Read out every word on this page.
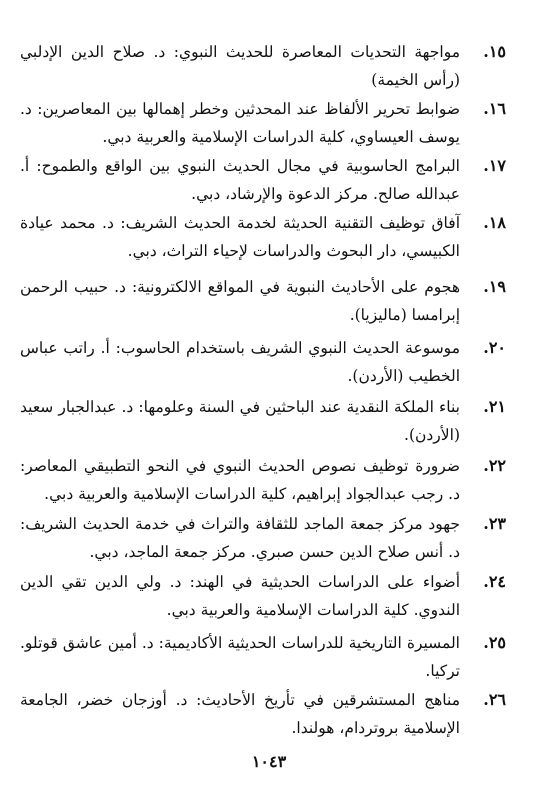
١٥.
مواجهة التحديات المعاصرة للحديث النبوي: د. صلاح الدين الإدلبي (رأس الخيمة)
١٦.
ضوابط تحرير الألفاظ عند المحدثين وخطر إهمالها بين المعاصرين: د. يوسف العيساوي، كلية الدراسات الإسلامية والعربية دبي.
١٧.
البرامج الحاسوبية في مجال الحديث النبوي بين الواقع والطموح: أ. عبدالله صالح. مركز الدعوة والإرشاد، دبي.
١٨.
آفاق توظيف التقنية الحديثة لخدمة الحديث الشريف: د. محمد عيادة الكبيسي، دار البحوث والدراسات لإحياء التراث، دبي.
١٩.
هجوم على الأحاديث النبوية في المواقع الالكترونية: د. حبيب الرحمن إبرامسا (ماليزيا).
٢٠.
موسوعة الحديث النبوي الشريف باستخدام الحاسوب: أ. راتب عباس الخطيب (الأردن).
٢١.
بناء الملكة النقدية عند الباحثين في السنة وعلومها: د. عبدالجبار سعيد (الأردن).
٢٢.
ضرورة توظيف نصوص الحديث النبوي في النحو التطبيقي المعاصر: د. رجب عبدالجواد إبراهيم، كلية الدراسات الإسلامية والعربية دبي.
٢٣.
جهود مركز جمعة الماجد للثقافة والتراث في خدمة الحديث الشريف: د. أنس صلاح الدين حسن صبري. مركز جمعة الماجد، دبي.
٢٤.
أضواء على الدراسات الحديثية في الهند: د. ولي الدين تقي الدين الندوي. كلية الدراسات الإسلامية والعربية دبي.
٢٥.
المسيرة التاريخية للدراسات الحديثية الأكاديمية: د. أمين عاشق قوتلو. تركيا.
٢٦.
مناهج المستشرقين في تأريخ الأحاديث: د. أوزجان خضر، الجامعة الإسلامية بروتردام، هولندا.
١٠٤٣
